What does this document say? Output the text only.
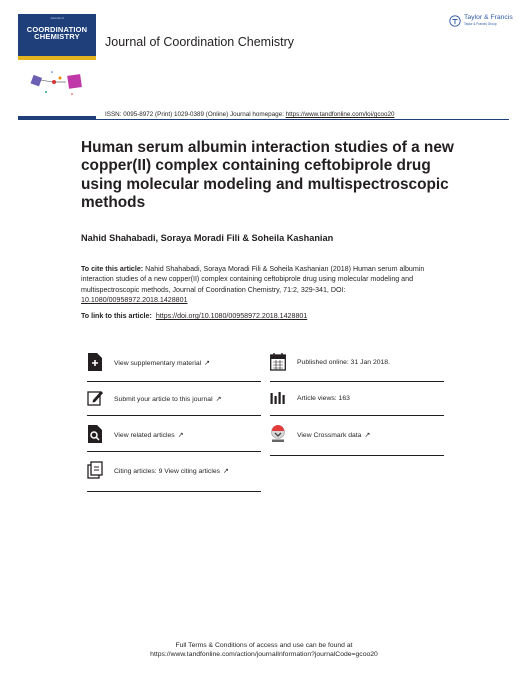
Journal of
COORDINATION
CHEMISTRY	Journal of Coordination Chemistry
Taylor & Francis
Taylor & Francis Group
ISSN: 0095-8972 (Print) 1029-0389 (Online) Journal homepage: https://www.tandfonline.com/loi/gcoo20
Human serum albumin interaction studies of a new copper(II) complex containing ceftobiprole drug using molecular modeling and multispectroscopic methods
Nahid Shahabadi, Soraya Moradi Fili & Soheila Kashanian
To cite this article: Nahid Shahabadi, Soraya Moradi Fili & Soheila Kashanian (2018) Human serum albumin interaction studies of a new copper(II) complex containing ceftobiprole drug using molecular modeling and multispectroscopic methods, Journal of Coordination Chemistry, 71:2, 329-341, DOI: 10.1080/00958972.2018.1428801
To link to this article: https://doi.org/10.1080/00958972.2018.1428801
View supplementary material ↗
Submit your article to this journal ↗
View related articles ↗
Citing articles: 9 View citing articles ↗
Published online: 31 Jan 2018.
Article views: 163
View Crossmark data ↗
Full Terms & Conditions of access and use can be found at
https://www.tandfonline.com/action/journalInformation?journalCode=gcoo20
